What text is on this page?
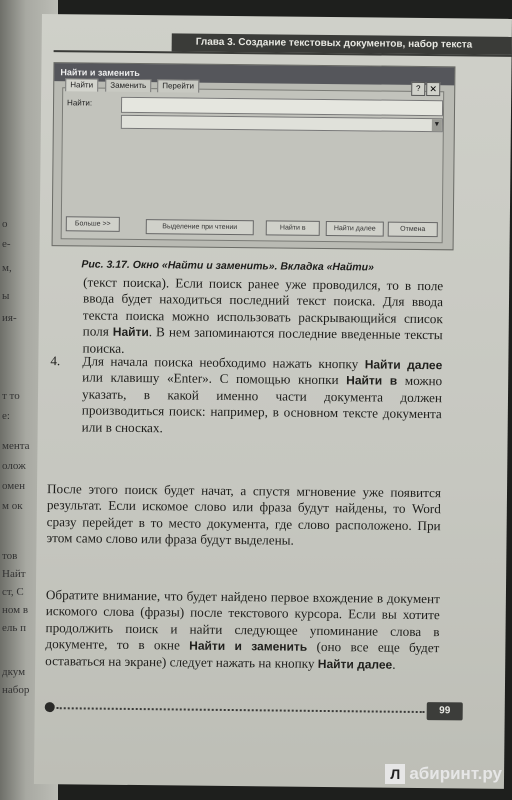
о
е-
м,
ы
ия-
т то
е:
мента
олож
омен
м ок
тов
Найт
ст, С
ном в
ель п
дкум
набор
Глава 3. Создание текстовых документов, набор текста
Найти и заменить
Найти	Заменить	Перейти	? ✕
Найти:
▼
Больше >>	Выделение при чтении	Найти в	Найти далее	Отмена
Рис. 3.17. Окно «Найти и заменить». Вкладка «Найти»
(текст поиска). Если поиск ранее уже проводился, то в поле ввода будет находиться последний текст поиска. Для ввода текста поиска можно использовать раскрывающийся список поля Найти. В нем запоминаются последние введенные тексты поиска.
4. Для начала поиска необходимо нажать кнопку Найти далее или клавишу «Enter». С помощью кнопки Найти в можно указать, в какой именно части документа должен производиться поиск: например, в основном тексте документа или в сносках.
После этого поиск будет начат, а спустя мгновение уже появится результат. Если искомое слово или фраза будут найдены, то Word сразу перейдет в то место документа, где слово расположено. При этом само слово или фраза будут выделены.
Обратите внимание, что будет найдено первое вхождение в документ искомого слова (фразы) после текстового курсора. Если вы хотите продолжить поиск и найти следующее упоминание слова в документе, то в окне Найти и заменить (оно все еще будет оставаться на экране) следует нажать на кнопку Найти далее.
99
Л абиринт.ру
